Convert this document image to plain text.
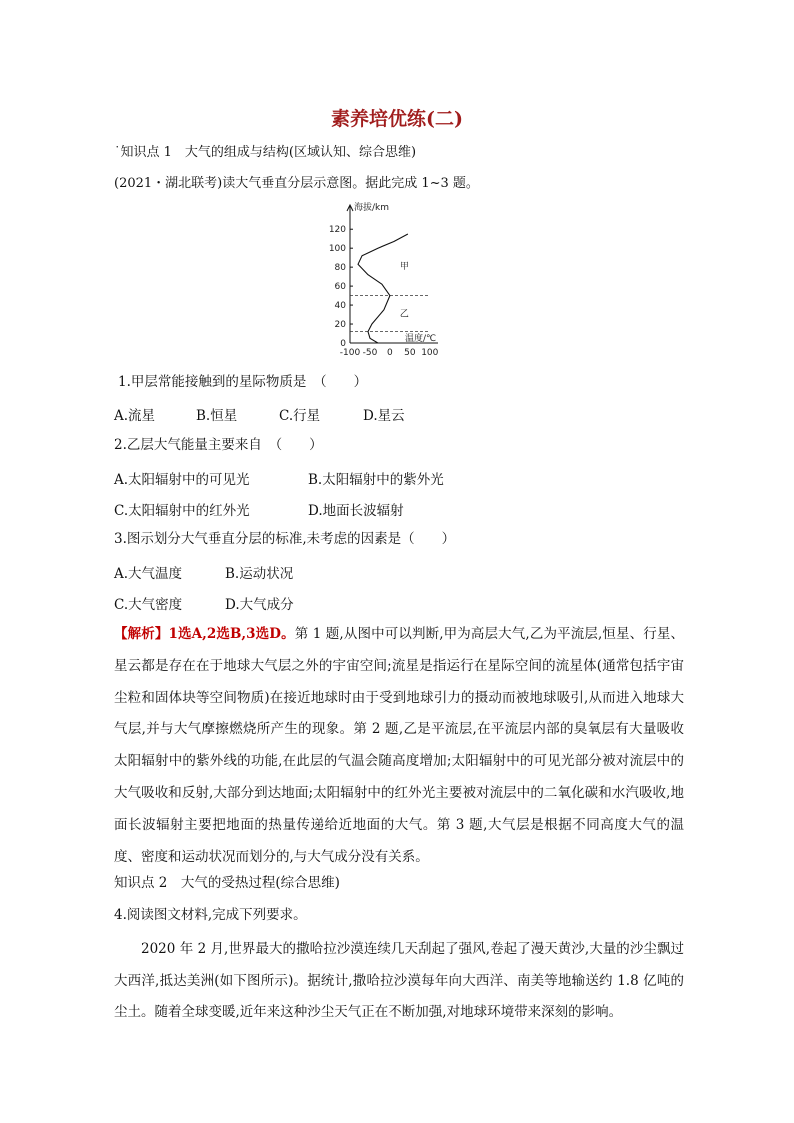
素养培优练(二)
˙知识点 1　大气的组成与结构(区域认知、综合思维)
(2021・湖北联考)读大气垂直分层示意图。据此完成 1~3 题。
0
20
40
60
80
100
120
海拔/km
-100 -50 0 50 100
温度/℃
甲
乙
1.甲层常能接触到的星际物质是　（　　）
A.流星	B.恒星	C.行星	D.星云
2.乙层大气能量主要来自　（　　）
A.太阳辐射中的可见光	B.太阳辐射中的紫外光
C.太阳辐射中的红外光	D.地面长波辐射
3.图示划分大气垂直分层的标准,未考虑的因素是（　　）
A.大气温度	B.运动状况
C.大气密度	D.大气成分
【解析】1选A,2选B,3选D。第 1 题,从图中可以判断,甲为高层大气,乙为平流层,恒星、行星、星云都是存在在于地球大气层之外的宇宙空间;流星是指运行在星际空间的流星体(通常包括宇宙尘粒和固体块等空间物质)在接近地球时由于受到地球引力的摄动而被地球吸引,从而进入地球大气层,并与大气摩擦燃烧所产生的现象。第 2 题,乙是平流层,在平流层内部的臭氧层有大量吸收太阳辐射中的紫外线的功能,在此层的气温会随高度增加;太阳辐射中的可见光部分被对流层中的大气吸收和反射,大部分到达地面;太阳辐射中的红外光主要被对流层中的二氧化碳和水汽吸收,地面长波辐射主要把地面的热量传递给近地面的大气。第 3 题,大气层是根据不同高度大气的温度、密度和运动状况而划分的,与大气成分没有关系。
知识点 2　大气的受热过程(综合思维)
4.阅读图文材料,完成下列要求。
2020 年 2 月,世界最大的撒哈拉沙漠连续几天刮起了强风,卷起了漫天黄沙,大量的沙尘飘过大西洋,抵达美洲(如下图所示)。据统计,撒哈拉沙漠每年向大西洋、南美等地输送约 1.8 亿吨的尘土。随着全球变暖,近年来这种沙尘天气正在不断加强,对地球环境带来深刻的影响。
